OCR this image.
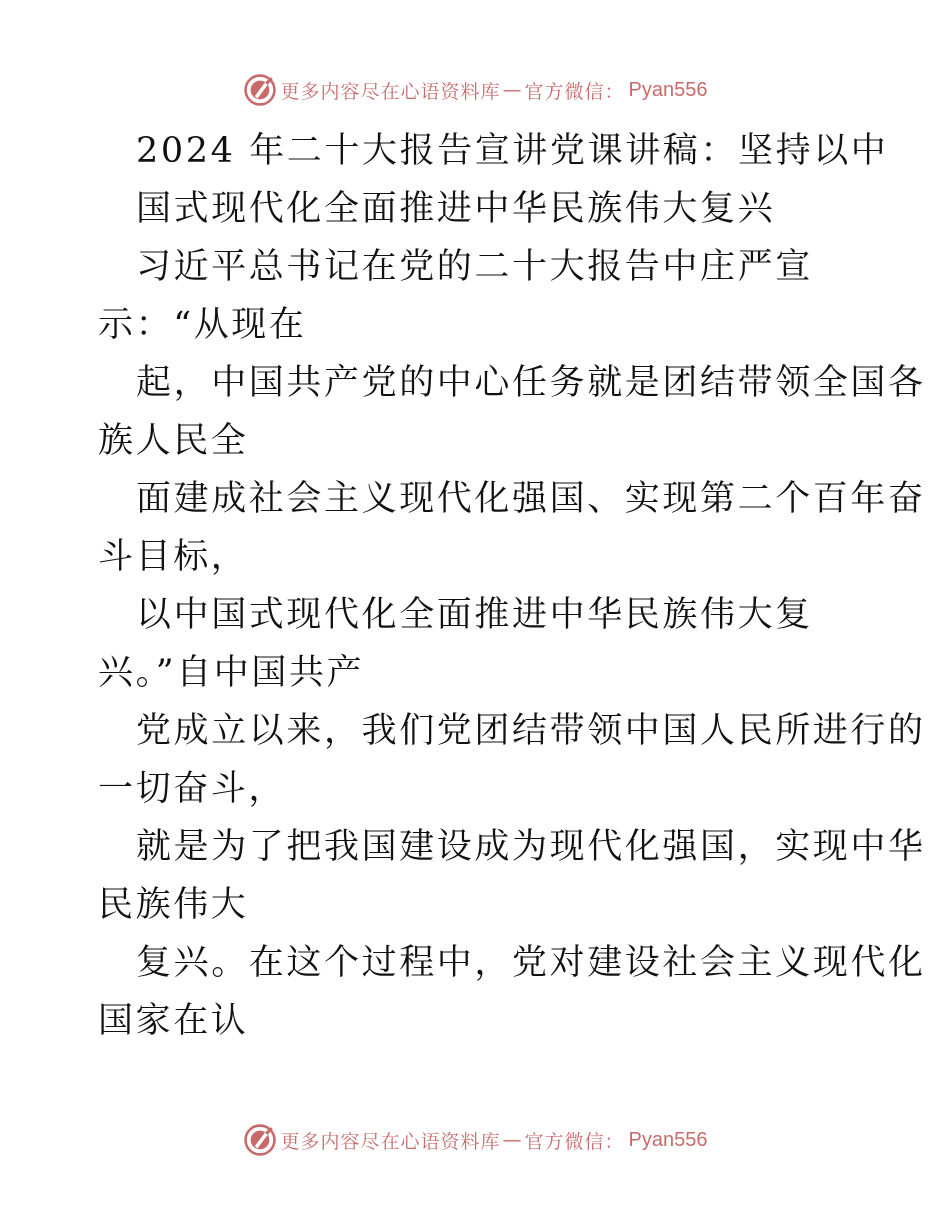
更多内容尽在心语资料库 — 官方微信： Pyan556
2024 年二十大报告宣讲党课讲稿：坚持以中
国式现代化全面推进中华民族伟大复兴
习近平总书记在党的二十大报告中庄严宣
示：“从现在
起，中国共产党的中心任务就是团结带领全国各
族人民全
面建成社会主义现代化强国、实现第二个百年奋
斗目标，
以中国式现代化全面推进中华民族伟大复
兴。”自中国共产
党成立以来，我们党团结带领中国人民所进行的
一切奋斗，
就是为了把我国建设成为现代化强国，实现中华
民族伟大
复兴。在这个过程中，党对建设社会主义现代化
国家在认
更多内容尽在心语资料库 — 官方微信： Pyan556
